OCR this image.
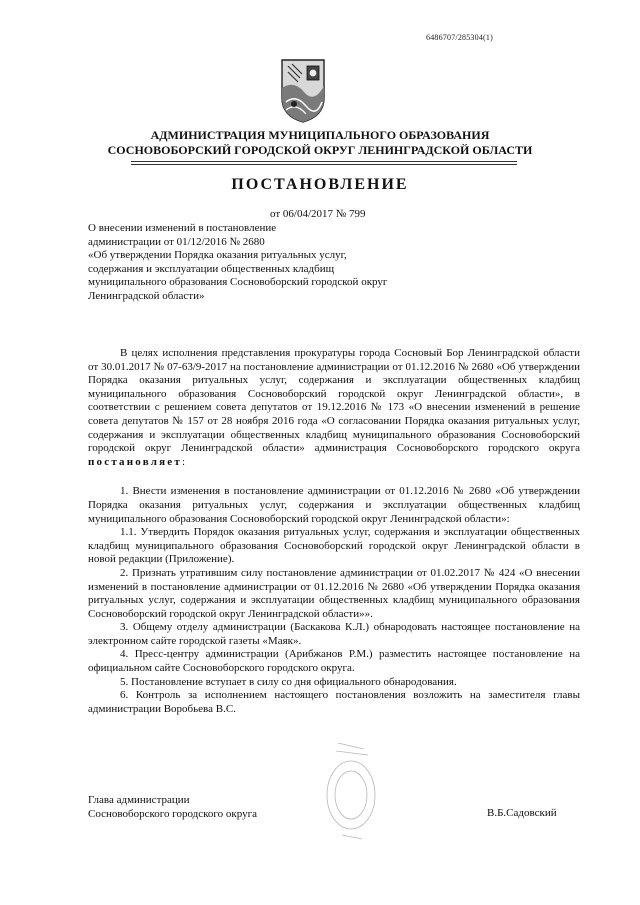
6486707/285304(1)
АДМИНИСТРАЦИЯ МУНИЦИПАЛЬНОГО ОБРАЗОВАНИЯ
СОСНОВОБОРСКИЙ ГОРОДСКОЙ ОКРУГ ЛЕНИНГРАДСКОЙ ОБЛАСТИ
ПОСТАНОВЛЕНИЕ
от 06/04/2017 № 799
О внесении изменений в постановление
администрации от 01/12/2016 № 2680
«Об утверждении Порядка оказания ритуальных услуг,
содержания и эксплуатации общественных кладбищ
муниципального образования Сосновоборский городской округ
Ленинградской области»

В целях исполнения представления прокуратуры города Сосновый Бор Ленинградской области от 30.01.2017 № 07-63/9-2017 на постановление администрации от 01.12.2016 № 2680 «Об утверждении Порядка оказания ритуальных услуг, содержания и эксплуатации общественных кладбищ муниципального образования Сосновоборский городской округ Ленинградской области», в соответствии с решением совета депутатов от 19.12.2016 № 173 «О внесении изменений в решение совета депутатов № 157 от 28 ноября 2016 года «О согласовании Порядка оказания ритуальных услуг, содержания и эксплуатации общественных кладбищ муниципального образования Сосновоборский городской округ Ленинградской области» администрация Сосновоборского городского округа постановляет:

1. Внести изменения в постановление администрации от 01.12.2016 № 2680 «Об утверждении Порядка оказания ритуальных услуг, содержания и эксплуатации общественных кладбищ муниципального образования Сосновоборский городской округ Ленинградской области»:

1.1. Утвердить Порядок оказания ритуальных услуг, содержания и эксплуатации общественных кладбищ муниципального образования Сосновоборский городской округ Ленинградской области в новой редакции (Приложение).

2. Признать утратившим силу постановление администрации от 01.02.2017 № 424 «О внесении изменений в постановление администрации от 01.12.2016 № 2680 «Об утверждении Порядка оказания ритуальных услуг, содержания и эксплуатации общественных кладбищ муниципального образования Сосновоборский городской округ Ленинградской области»».

3. Общему отделу администрации (Баскакова К.Л.) обнародовать настоящее постановление на электронном сайте городской газеты «Маяк».

4. Пресс-центру администрации (Арибжанов Р.М.) разместить настоящее постановление на официальном сайте Сосновоборского городского округа.

5. Постановление вступает в силу со дня официального обнародования.

6. Контроль за исполнением настоящего постановления возложить на заместителя главы администрации Воробьева В.С.

Глава администрации
Сосновоборского городского округа	В.Б.Садовский
